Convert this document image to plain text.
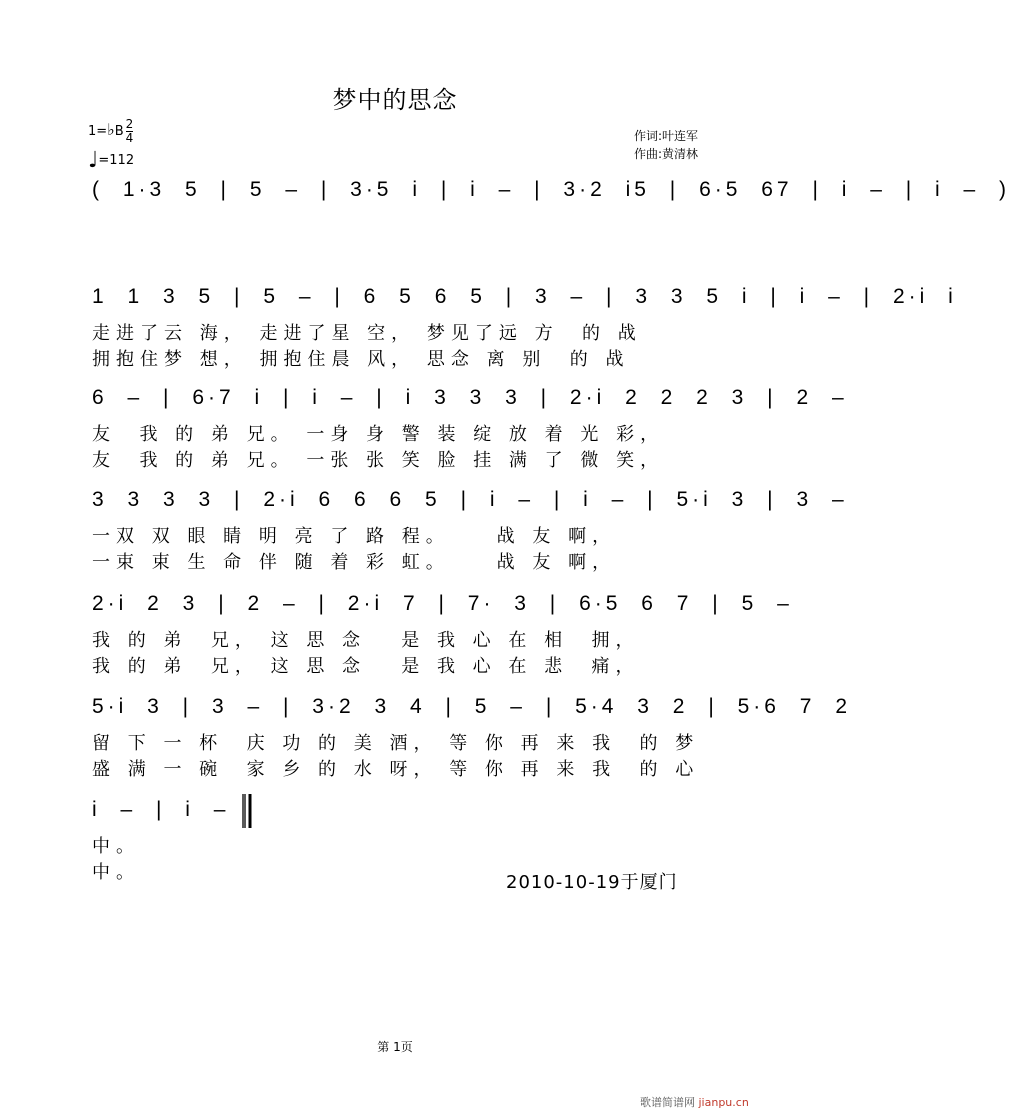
梦中的思念
1=♭B $\frac{2}{4}$
♩=112
作词:叶连军
作曲:黄清林
( 1·3 5 | 5 – | 3·5 i | i – | 3·2 i5 | 6·5 67 | i – | i – )
1 1 3 5 | 5 – | 6 5 6 5 | 3 – | 3 3 5 i | i – | 2·i i
走进了云 海， 走进了星 空， 梦见了远 方  的 战
拥抱住梦 想， 拥抱住晨 风， 思念 离 别  的 战
6 – | 6·7 i | i – | i 3 3 3 | 2·i 2 2 2 3 | 2 –
友  我 的 弟 兄。 一身 身 警 装 绽 放 着 光 彩，
友  我 的 弟 兄。 一张 张 笑 脸 挂 满 了 微 笑，
3 3 3 3 | 2·i 6 6 6 5 | i – | i – | 5·i 3 | 3 –
一双 双 眼 睛 明 亮 了 路 程。    战 友 啊，
一束 束 生 命 伴 随 着 彩 虹。    战 友 啊，
2·i 2 3 | 2 – | 2·i 7 | 7· 3 | 6·5 6 7 | 5 –
我 的 弟  兄， 这 思 念   是 我 心 在 相  拥，
我 的 弟  兄， 这 思 念   是 我 心 在 悲  痛，
5·i 3 | 3 – | 3·2 3 4 | 5 – | 5·4 3 2 | 5·6 7 2
留 下 一 杯  庆 功 的 美 酒， 等 你 再 来 我  的 梦
盛 满 一 碗  家 乡 的 水 呀， 等 你 再 来 我  的 心
i – | i –
中。
中。	2010-10-19于厦门
第 1页
歌谱简谱网 jianpu.cn
